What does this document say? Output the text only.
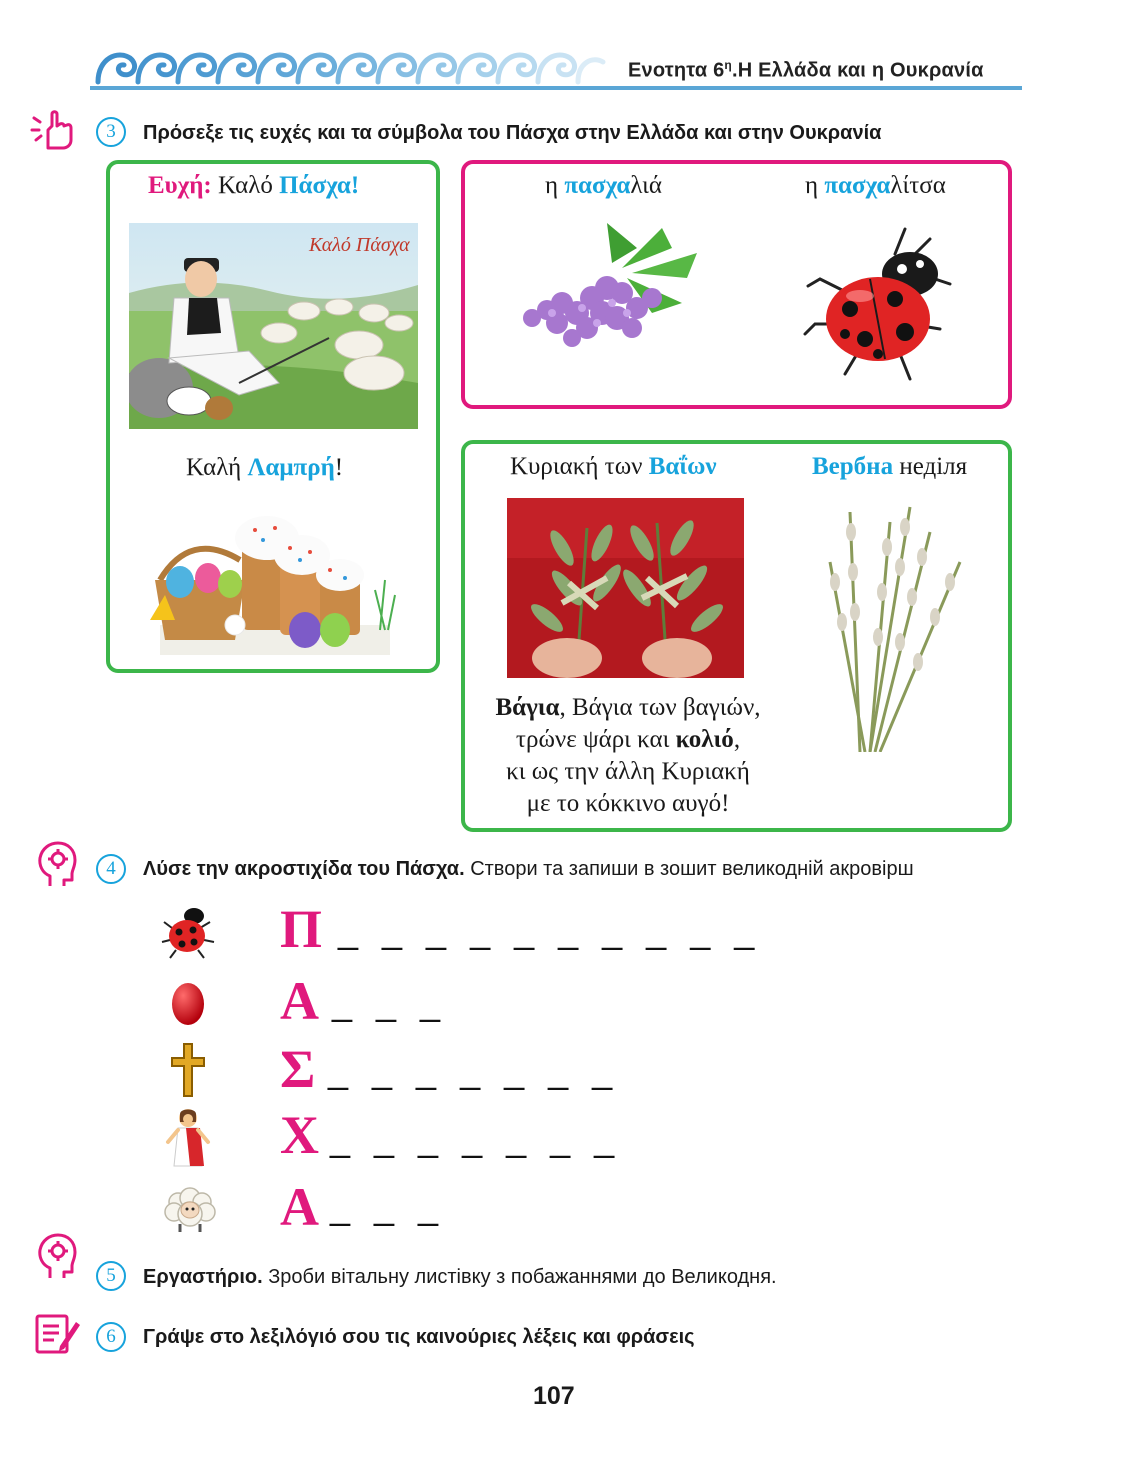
Ενοτητα $6^\eta.H$ Ελλάδα και η Ουκρανία
3	Πρόσεξε τις ευχές και τα σύμβολα του Πάσχα στην Ελλάδα και στην Ουκρανία
Ευχή: Καλό Πάσχα!
Καλό Πάσχα
Καλή Λαμπρή!
η πασχαλιά	η πασχαλίτσα
Κυριακή των Βαΐων	Вербна неділя
Βάγια, Βάγια των βαγιών,
τρώνε ψάρι και κολιό,
κι ως την άλλη Κυριακή
με το κόκκινο αυγό!
4	Λύσε την ακροστιχίδα του Πάσχα. Створи та запиши в зошит великодній акровірш
Π _ _ _ _ _ _ _ _ _ _
Α _ _ _
Σ _ _ _ _ _ _ _
Χ _ _ _ _ _ _ _
Α _ _ _
5	Εργαστήριο. Зроби вітальну листівку з побажаннями до Великодня.
6	Γράψε στο λεξιλόγιό σου τις καινούριες λέξεις και φράσεις
107
